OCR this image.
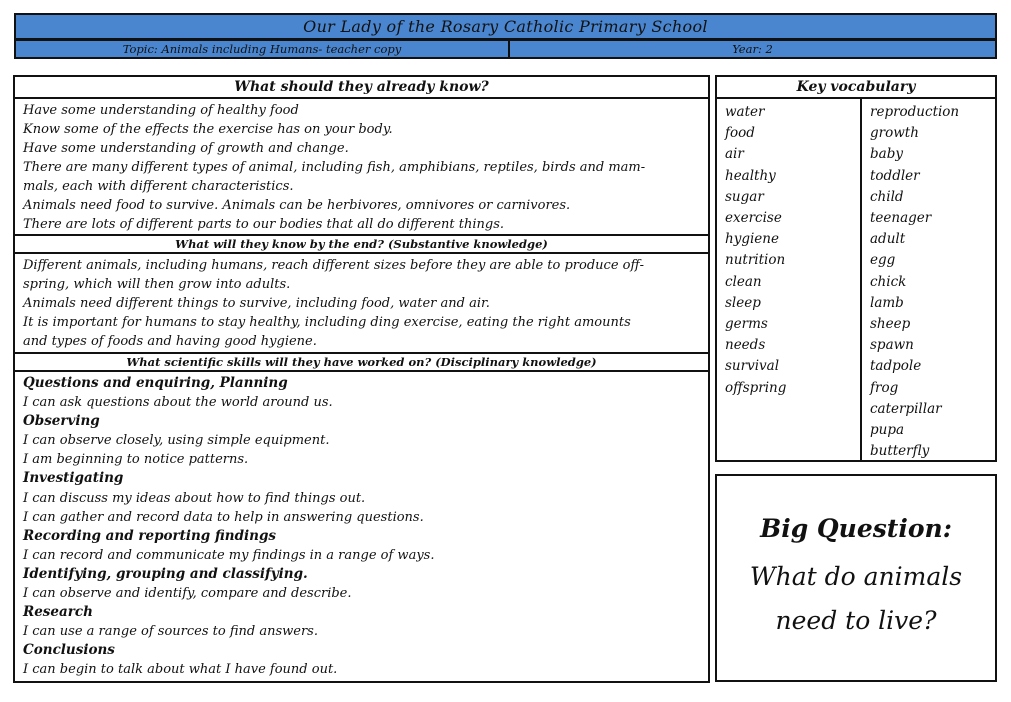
Our Lady of the Rosary Catholic Primary School
Topic: Animals including Humans- teacher copy	Year: 2
What should they already know?

Have some understanding of healthy food

Know some of the effects the exercise has on your body.

Have some understanding of growth and change.

There are many different types of animal, including fish, amphibians, reptiles, birds and mam-

mals, each with different characteristics.

Animals need food to survive. Animals can be herbivores, omnivores or carnivores.

There are lots of different parts to our bodies that all do different things.

What will they know by the end? (Substantive knowledge)

Different animals, including humans, reach different sizes before they are able to produce off-

spring, which will then grow into adults.

Animals need different things to survive, including food, water and air.

It is important for humans to stay healthy, including ding exercise, eating the right amounts

and types of foods and having good hygiene.

What scientific skills will they have worked on? (Disciplinary knowledge)

Questions and enquiring, Planning

I can ask questions about the world around us.

Observing

I can observe closely, using simple equipment.

I am beginning to notice patterns.

Investigating

I can discuss my ideas about how to find things out.

I can gather and record data to help in answering questions.

Recording and reporting findings

I can record and communicate my findings in a range of ways.

Identifying, grouping and classifying.

I can observe and identify, compare and describe.

Research

I can use a range of sources to find answers.

Conclusions

I can begin to talk about what I have found out.

Key vocabulary
water
food
air
healthy
sugar
exercise
hygiene
nutrition
clean
sleep
germs
needs
survival
offspring
reproduction
growth
baby
toddler
child
teenager
adult
egg
chick
lamb
sheep
spawn
tadpole
frog
caterpillar
pupa
butterfly
Big Question:
What do animals
need to live?
